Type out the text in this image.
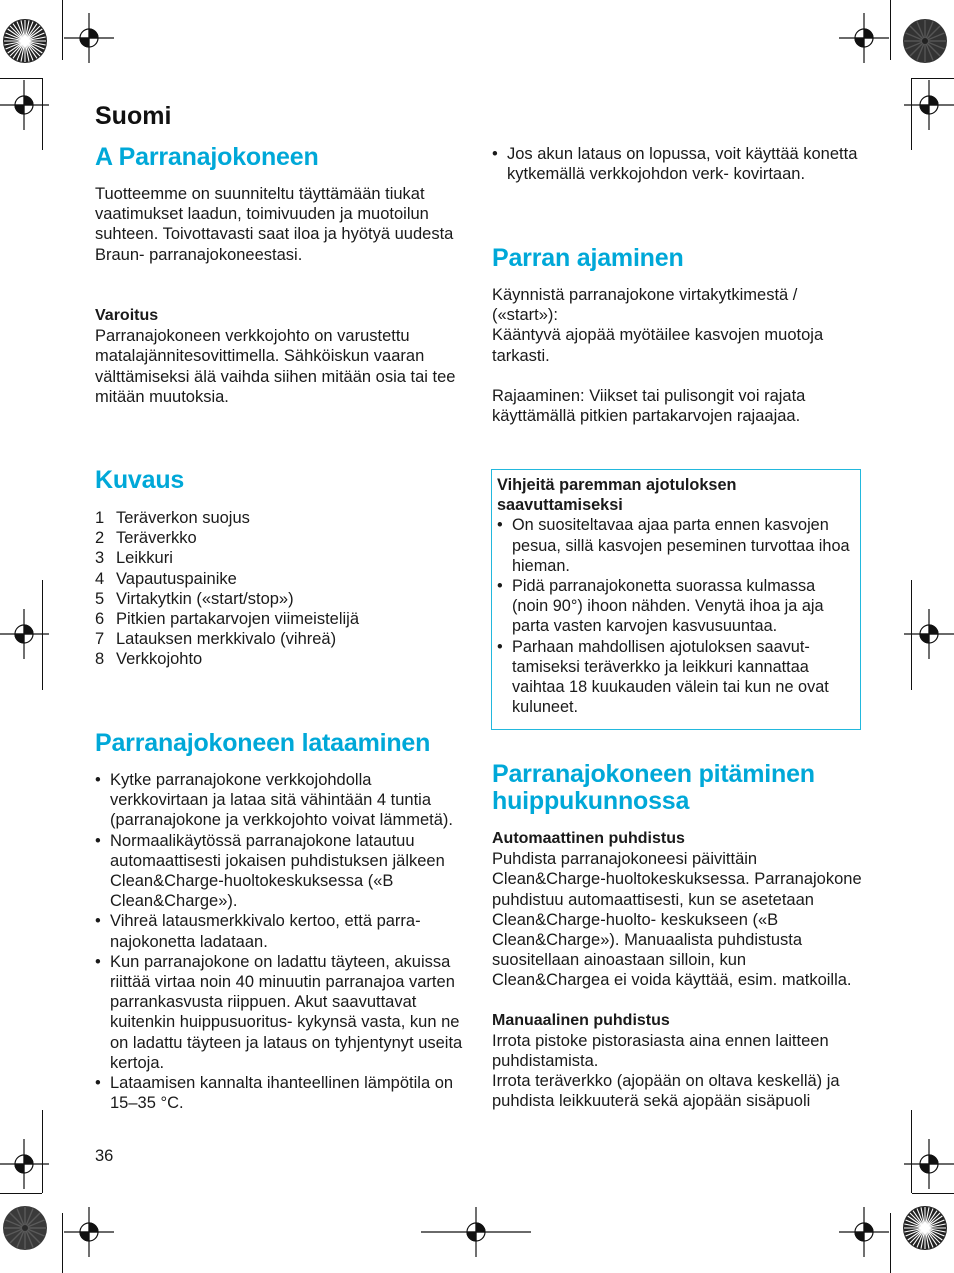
Suomi
A Parranajokoneen

Tuotteemme on suunniteltu täyttämään tiukat vaatimukset laadun, toimivuuden ja muotoilun suhteen. Toivottavasti saat iloa ja hyötyä uudesta Braun- parranajokoneestasi.

Varoitus

Parranajokoneen verkkojohto on varustettu matalajännitesovittimella. Sähköiskun vaaran välttämiseksi älä vaihda siihen mitään osia tai tee mitään muutoksia.

Kuvaus
1 Teräverkon suojus
2 Teräverkko
3 Leikkuri
4 Vapautuspainike
5 Virtakytkin («start/stop»)
6 Pitkien partakarvojen viimeistelijä
7 Latauksen merkkivalo (vihreä)
8 Verkkojohto
Parranajokoneen lataaminen
• Kytke parranajokone verkkojohdolla verkkovirtaan ja lataa sitä vähintään 4 tuntia (parranajokone ja verkkojohto voivat lämmetä).
• Normaalikäytössä parranajokone latautuu automaattisesti jokaisen puhdistuksen jälkeen Clean&Charge-huoltokeskuksessa («B Clean&Charge»).
• Vihreä latausmerkkivalo kertoo, että parra- najokonetta ladataan.
• Kun parranajokone on ladattu täyteen, akuissa riittää virtaa noin 40 minuutin parranajoa varten parrankasvusta riippuen. Akut saavuttavat kuitenkin huippusuoritus- kykynsä vasta, kun ne on ladattu täyteen ja lataus on tyhjentynyt useita kertoja.
• Lataamisen kannalta ihanteellinen lämpötila on 15–35 °C.
36
• Jos akun lataus on lopussa, voit käyttää konetta kytkemällä verkkojohdon verk- kovirtaan.
Parran ajaminen

Käynnistä parranajokone virtakytkimestä / («start»):

Kääntyvä ajopää myötäilee kasvojen muotoja tarkasti.

Rajaaminen: Viikset tai pulisongit voi rajata käyttämällä pitkien partakarvojen rajaajaa.

Vihjeitä paremman ajotuloksen saavuttamiseksi
• On suositeltavaa ajaa parta ennen kasvojen pesua, sillä kasvojen peseminen turvottaa ihoa hieman.
• Pidä parranajokonetta suorassa kulmassa (noin 90°) ihoon nähden. Venytä ihoa ja aja parta vasten karvojen kasvusuuntaa.
• Parhaan mahdollisen ajotuloksen saavut- tamiseksi teräverkko ja leikkuri kannattaa vaihtaa 18 kuukauden välein tai kun ne ovat kuluneet.
Parranajokoneen pitäminen huippukunnossa
Automaattinen puhdistus

Puhdista parranajokoneesi päivittäin Clean&Charge-huoltokeskuksessa. Parranajokone puhdistuu automaattisesti, kun se asetetaan Clean&Charge-huolto- keskukseen («B Clean&Charge»). Manuaalista puhdistusta suositellaan ainoastaan silloin, kun Clean&Chargea ei voida käyttää, esim. matkoilla.

Manuaalinen puhdistus

Irrota pistoke pistorasiasta aina ennen laitteen puhdistamista.

Irrota teräverkko (ajopään on oltava keskellä) ja puhdista leikkuuterä sekä ajopään sisäpuoli
